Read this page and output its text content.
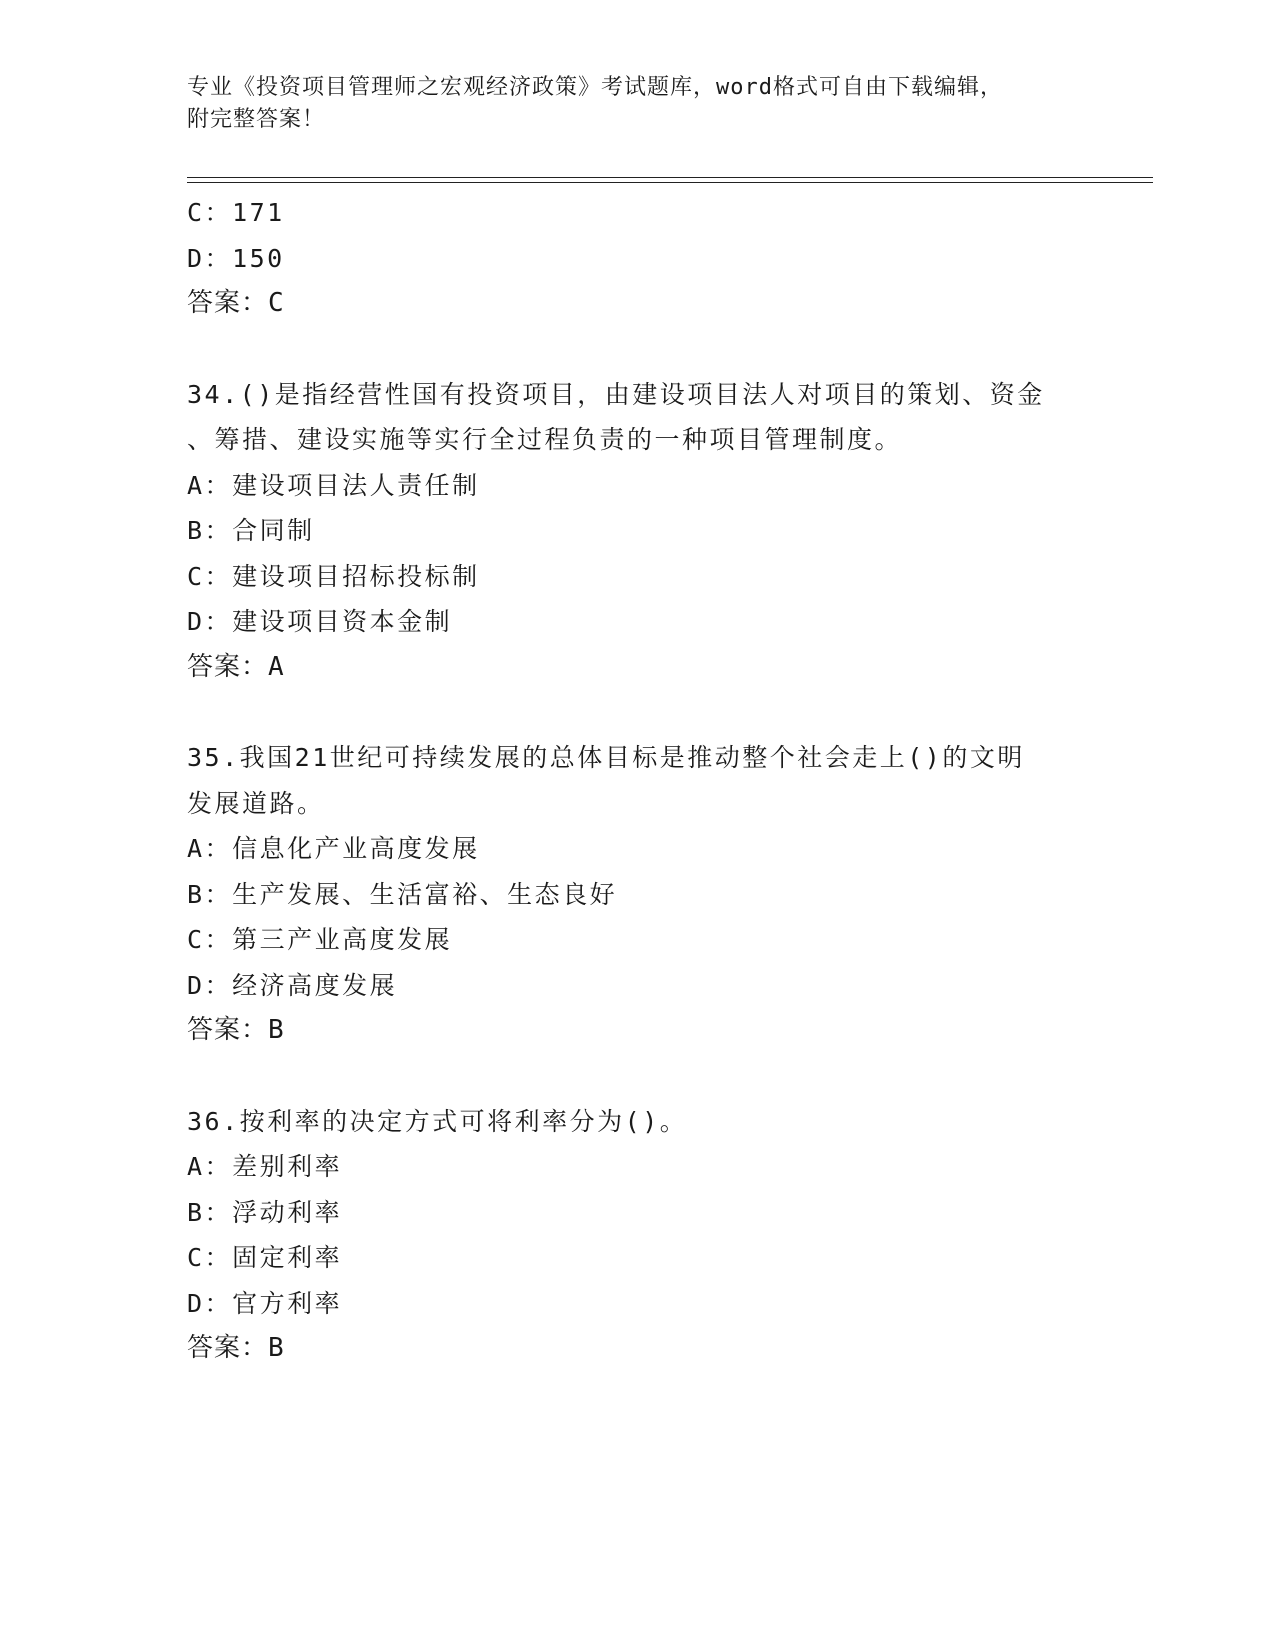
专业《投资项目管理师之宏观经济政策》考试题库，word格式可自由下载编辑，
附完整答案！
C：171
D：150
答案：C
34.()是指经营性国有投资项目，由建设项目法人对项目的策划、资金
、筹措、建设实施等实行全过程负责的一种项目管理制度。
A：建设项目法人责任制
B：合同制
C：建设项目招标投标制
D：建设项目资本金制
答案：A
35.我国21世纪可持续发展的总体目标是推动整个社会走上()的文明
发展道路。
A：信息化产业高度发展
B：生产发展、生活富裕、生态良好
C：第三产业高度发展
D：经济高度发展
答案：B
36.按利率的决定方式可将利率分为()。
A：差别利率
B：浮动利率
C：固定利率
D：官方利率
答案：B
